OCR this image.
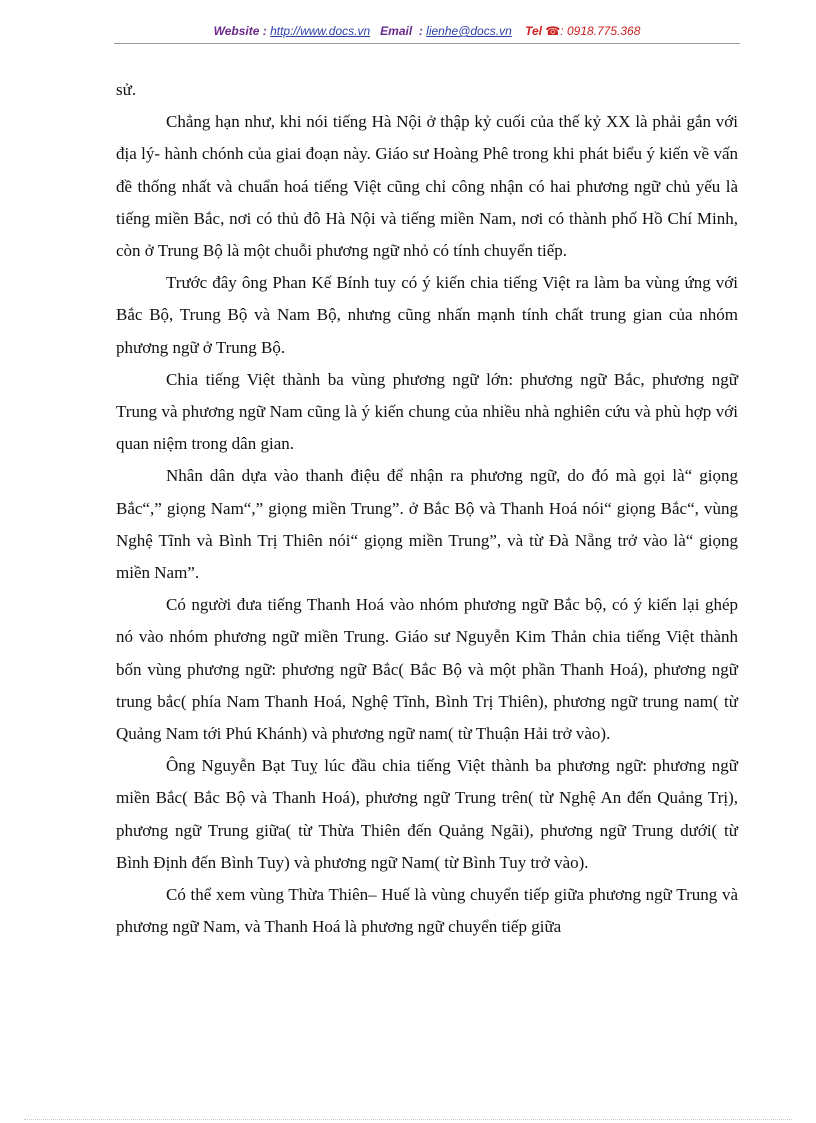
Website : http://www.docs.vn Email : lienhe@docs.vn Tel ☎: 0918.775.368

sử.

Chẳng hạn như, khi nói tiếng Hà Nội ở thập kỷ cuối của thế kỷ XX là phải gắn với địa lý- hành chónh của giai đoạn này. Giáo sư Hoàng Phê trong khi phát biểu ý kiến về vấn đề thống nhất và chuẩn hoá tiếng Việt cũng chỉ công nhận có hai phương ngữ chủ yếu là tiếng miền Bắc, nơi có thủ đô Hà Nội và tiếng miền Nam, nơi có thành phố Hồ Chí Minh, còn ở Trung Bộ là một chuỗi phương ngữ nhỏ có tính chuyển tiếp.

Trước đây ông Phan Kế Bính tuy có ý kiến chia tiếng Việt ra làm ba vùng ứng với Bắc Bộ, Trung Bộ và Nam Bộ, nhưng cũng nhấn mạnh tính chất trung gian của nhóm phương ngữ ở Trung Bộ.

Chia tiếng Việt thành ba vùng phương ngữ lớn: phương ngữ Bắc, phương ngữ Trung và phương ngữ Nam cũng là ý kiến chung của nhiều nhà nghiên cứu và phù hợp với quan niệm trong dân gian.

Nhân dân dựa vào thanh điệu để nhận ra phương ngữ, do đó mà gọi là“ giọng Bắc“,” giọng Nam“,” giọng miền Trung”. ở Bắc Bộ và Thanh Hoá nói“ giọng Bắc“, vùng Nghệ Tĩnh và Bình Trị Thiên nói“ giọng miền Trung”, và từ Đà Nẵng trở vào là“ giọng miền Nam”.

Có người đưa tiếng Thanh Hoá vào nhóm phương ngữ Bắc bộ, có ý kiến lại ghép nó vào nhóm phương ngữ miền Trung. Giáo sư Nguyễn Kim Thản chia tiếng Việt thành bốn vùng phương ngữ: phương ngữ Bắc( Bắc Bộ và một phần Thanh Hoá), phương ngữ trung bắc( phía Nam Thanh Hoá, Nghệ Tĩnh, Bình Trị Thiên), phương ngữ trung nam( từ Quảng Nam tới Phú Khánh) và phương ngữ nam( từ Thuận Hải trở vào).

Ông Nguyễn Bạt Tuỵ lúc đầu chia tiếng Việt thành ba phương ngữ: phương ngữ miền Bắc( Bắc Bộ và Thanh Hoá), phương ngữ Trung trên( từ Nghệ An đến Quảng Trị), phương ngữ Trung giữa( từ Thừa Thiên đến Quảng Ngãi), phương ngữ Trung dưới( từ Bình Định đến Bình Tuy) và phương ngữ Nam( từ Bình Tuy trở vào).

Có thể xem vùng Thừa Thiên– Huế là vùng chuyển tiếp giữa phương ngữ Trung và phương ngữ Nam, và Thanh Hoá là phương ngữ chuyển tiếp giữa
